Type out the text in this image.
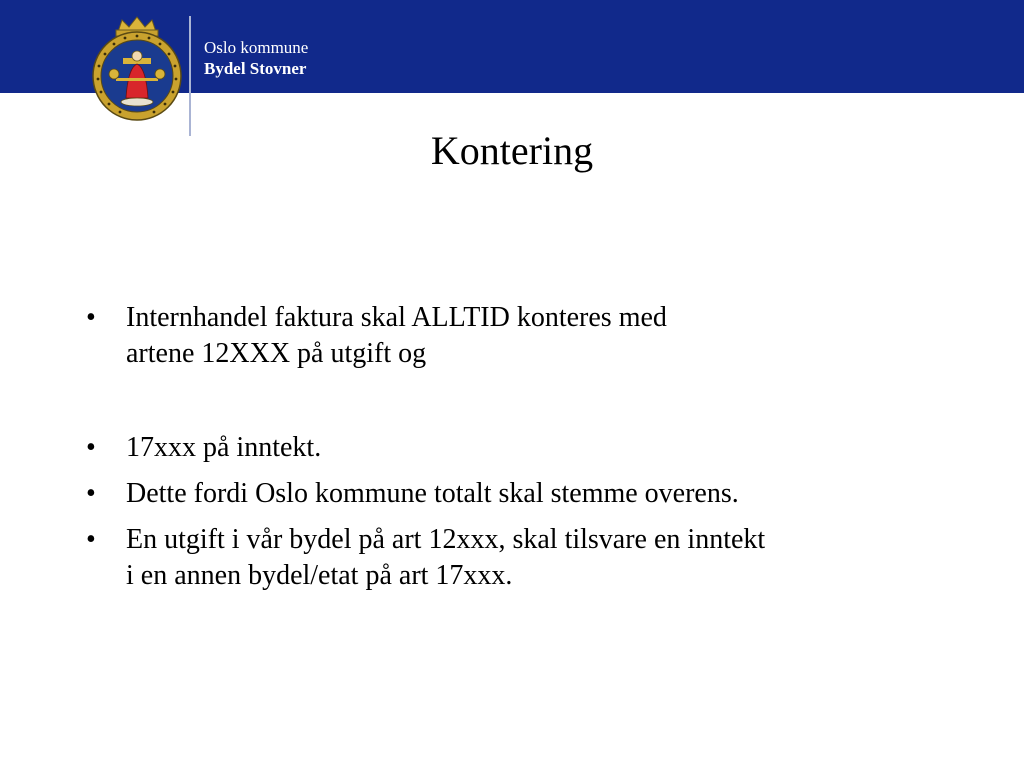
Oslo kommune
Bydel Stovner
Kontering
• Internhandel faktura skal ALLTID konteres med
artene 12XXX på utgift og
• 17xxx på inntekt.
• Dette fordi Oslo kommune totalt skal stemme overens.
• En utgift i vår bydel på art 12xxx, skal tilsvare en inntekt
i en annen bydel/etat på art 17xxx.
